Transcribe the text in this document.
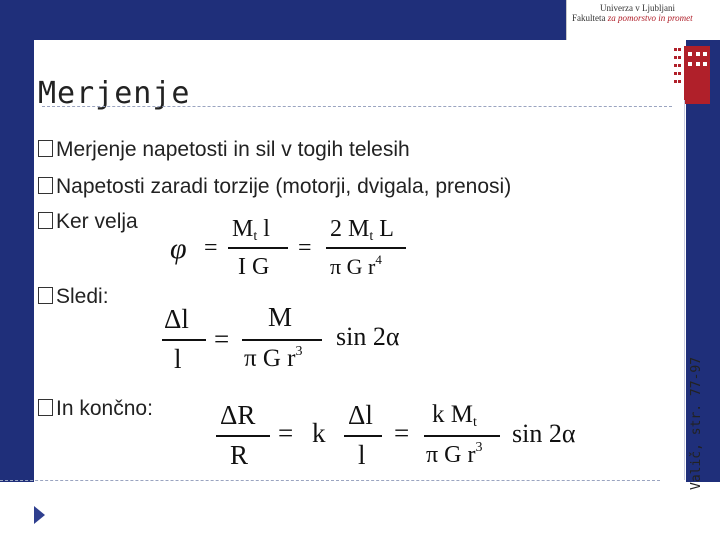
Univerza v Ljubljani
Fakulteta za pomorstvo in promet
Merjenje
Merjenje napetosti in sil v togih telesih
Napetosti zaradi torzije (motorji, dvigala, prenosi)
Ker velja
Sledi:
In končno:
φ =
Mt l
I G
=
2 Mt L
π G $r^4$
Δl
l
=
M
π G $r^3$
sin 2α
ΔR
R
= k
Δl
l
=
k Mt
π G $r^3$ sin 2α	Valič, str. 77-97
